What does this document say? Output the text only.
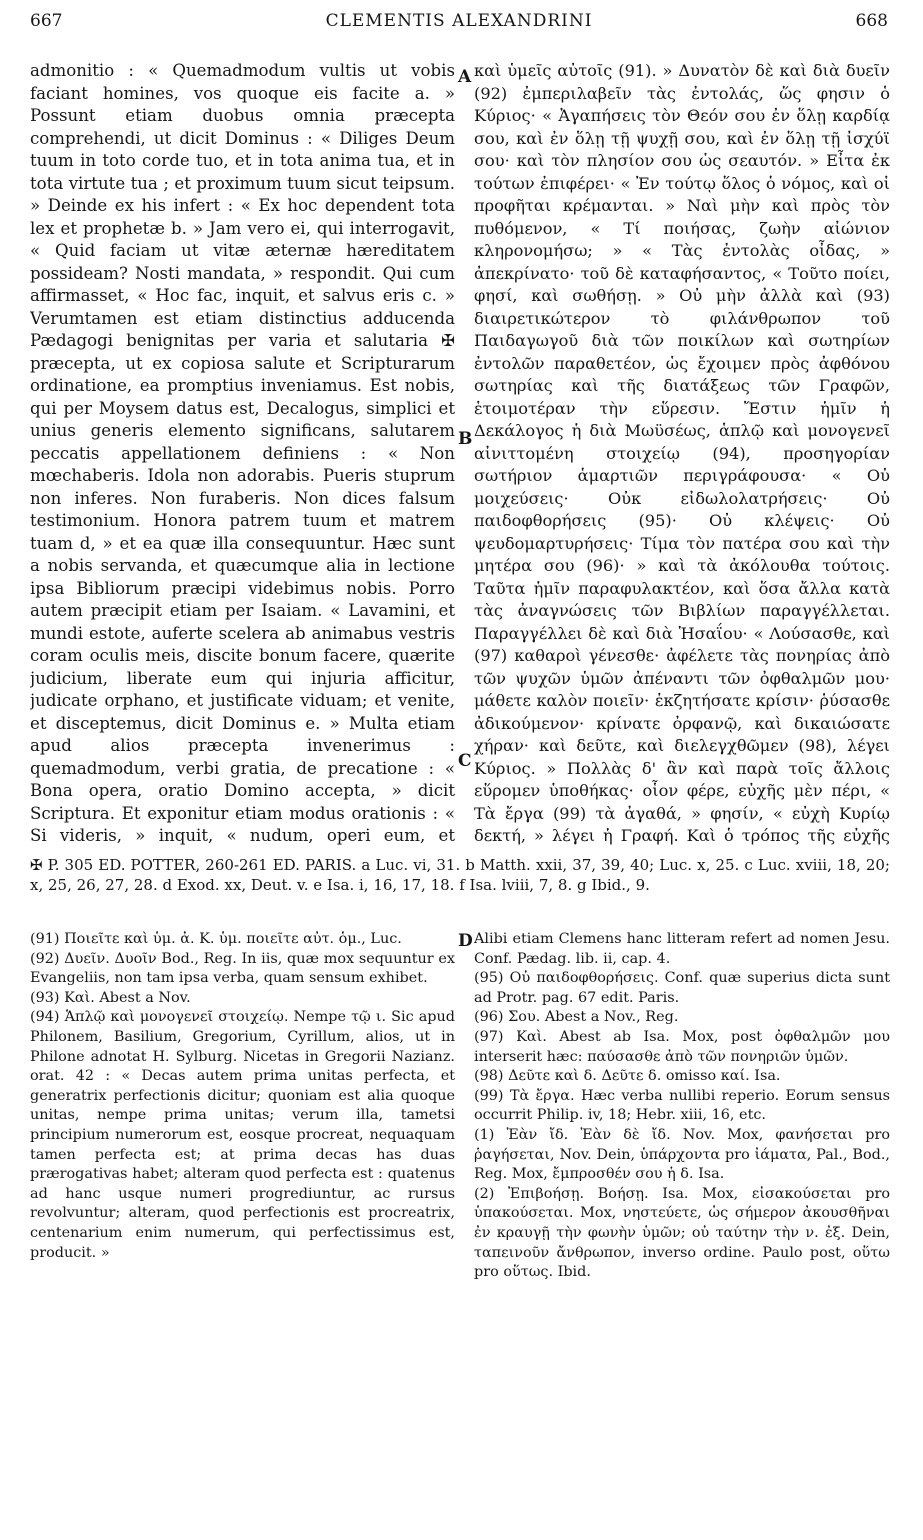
667	CLEMENTIS ALEXANDRINI	668

admonitio : « Quemadmodum vultis ut vobis faciant homines, vos quoque eis facite a. » Possunt etiam duobus omnia præcepta comprehendi, ut dicit Dominus : « Diliges Deum tuum in toto corde tuo, et in tota anima tua, et in tota virtute tua ; et proximum tuum sicut teipsum. » Deinde ex his infert : « Ex hoc dependent tota lex et prophetæ b. » Jam vero ei, qui interrogavit, « Quid faciam ut vitæ æternæ hæreditatem possideam? Nosti mandata, » respondit. Qui cum affirmasset, « Hoc fac, inquit, et salvus eris c. » Verumtamen est etiam distinctius adducenda Pædagogi benignitas per varia et salutaria ✠ præcepta, ut ex copiosa salute et Scripturarum ordinatione, ea promptius inveniamus. Est nobis, qui per Moysem datus est, Decalogus, simplici et unius generis elemento significans, salutarem peccatis appellationem definiens : « Non mœchaberis. Idola non adorabis. Pueris stuprum non inferes. Non furaberis. Non dices falsum testimonium. Honora patrem tuum et matrem tuam d, » et ea quæ illa consequuntur. Hæc sunt a nobis servanda, et quæcumque alia in lectione ipsa Bibliorum præcipi videbimus nobis. Porro autem præcipit etiam per Isaiam. « Lavamini, et mundi estote, auferte scelera ab animabus vestris coram oculis meis, discite bonum facere, quærite judicium, liberate eum qui injuria afficitur, judicate orphano, et justificate viduam; et venite, et disceptemus, dicit Dominus e. » Multa etiam apud alios præcepta invenerimus : quemadmodum, verbi gratia, de precatione : « Bona opera, oratio Domino accepta, » dicit Scriptura. Et exponitur etiam modus orationis : « Si videris, » inquit, « nudum, operi eum, et

A
B
C

καὶ ὑμεῖς αὐτοῖς (91). » Δυνατὸν δὲ καὶ διὰ δυεῖν (92) ἐμπεριλαβεῖν τὰς ἐντολάς, ὥς φησιν ὁ Κύριος· « Ἀγαπήσεις τὸν Θεόν σου ἐν ὅλῃ καρδίᾳ σου, καὶ ἐν ὅλῃ τῇ ψυχῇ σου, καὶ ἐν ὅλῃ τῇ ἰσχύϊ σου· καὶ τὸν πλησίον σου ὡς σεαυτόν. » Εἶτα ἐκ τούτων ἐπιφέρει· « Ἐν τούτῳ ὅλος ὁ νόμος, καὶ οἱ προφῆται κρέμανται. » Ναὶ μὴν καὶ πρὸς τὸν πυθόμενον, « Τί ποιήσας, ζωὴν αἰώνιον κληρονομήσω; » « Τὰς ἐντολὰς οἶδας, » ἀπεκρίνατο· τοῦ δὲ καταφήσαντος, « Τοῦτο ποίει, φησί, καὶ σωθήσῃ. » Οὐ μὴν ἀλλὰ καὶ (93) διαιρετικώτερον τὸ φιλάνθρωπον τοῦ Παιδαγωγοῦ διὰ τῶν ποικίλων καὶ σωτηρίων ἐντολῶν παραθετέον, ὡς ἔχοιμεν πρὸς ἀφθόνου σωτηρίας καὶ τῆς διατάξεως τῶν Γραφῶν, ἑτοιμοτέραν τὴν εὕρεσιν. Ἔστιν ἡμῖν ἡ Δεκάλογος ἡ διὰ Μωϋσέως, ἁπλῷ καὶ μονογενεῖ αἰνιττομένη στοιχείῳ (94), προσηγορίαν σωτήριον ἁμαρτιῶν περιγράφουσα· « Οὐ μοιχεύσεις· Οὐκ εἰδωλολατρήσεις· Οὐ παιδοφθορήσεις (95)· Οὐ κλέψεις· Οὐ ψευδομαρτυρήσεις· Τίμα τὸν πατέρα σου καὶ τὴν μητέρα σου (96)· » καὶ τὰ ἀκόλουθα τούτοις. Ταῦτα ἡμῖν παραφυλακτέον, καὶ ὅσα ἄλλα κατὰ τὰς ἀναγνώσεις τῶν Βιβλίων παραγγέλλεται. Παραγγέλλει δὲ καὶ διὰ Ἡσαΐου· « Λούσασθε, καὶ (97) καθαροὶ γένεσθε· ἀφέλετε τὰς πονηρίας ἀπὸ τῶν ψυχῶν ὑμῶν ἀπέναντι τῶν ὀφθαλμῶν μου· μάθετε καλὸν ποιεῖν· ἐκζητήσατε κρίσιν· ῥύσασθε ἀδικούμενον· κρίνατε ὀρφανῷ, καὶ δικαιώσατε χήραν· καὶ δεῦτε, καὶ διελεγχθῶμεν (98), λέγει Κύριος. » Πολλὰς δ' ἂν καὶ παρὰ τοῖς ἄλλοις εὕρομεν ὑποθήκας· οἷον φέρε, εὐχῆς μὲν πέρι, « Τὰ ἔργα (99) τὰ ἀγαθά, » φησίν, « εὐχὴ Κυρίῳ δεκτή, » λέγει ἡ Γραφή. Καὶ ὁ τρόπος τῆς εὐχῆς

✠ P. 305 ED. POTTER, 260-261 ED. PARIS. a Luc. vi, 31. b Matth. xxii, 37, 39, 40; Luc. x, 25. c Luc. xviii, 18, 20; x, 25, 26, 27, 28. d Exod. xx, Deut. v. e Isa. i, 16, 17, 18. f Isa. lviii, 7, 8. g Ibid., 9.

(91) Ποιεῖτε καὶ ὑμ. ἀ. Κ. ὑμ. ποιεῖτε αὐτ. ὁμ., Luc.

(92) Δυεῖν. Δυοῖν Bod., Reg. In iis, quæ mox sequuntur ex Evangeliis, non tam ipsa verba, quam sensum exhibet.

(93) Καὶ. Abest a Nov.

(94) Ἁπλῷ καὶ μονογενεῖ στοιχείῳ. Nempe τῷ ι. Sic apud Philonem, Basilium, Gregorium, Cyrillum, alios, ut in Philone adnotat H. Sylburg. Nicetas in Gregorii Nazianz. orat. 42 : « Decas autem prima unitas perfecta, et generatrix perfectionis dicitur; quoniam est alia quoque unitas, nempe prima unitas; verum illa, tametsi principium numerorum est, eosque procreat, nequaquam tamen perfecta est; at prima decas has duas prærogativas habet; alteram quod perfecta est : quatenus ad hanc usque numeri progrediuntur, ac rursus revolvuntur; alteram, quod perfectionis est procreatrix, centenarium enim numerum, qui perfectissimus est, producit. »

D Alibi etiam Clemens hanc litteram refert ad nomen Jesu. Conf. Pædag. lib. ii, cap. 4.

(95) Οὐ παιδοφθορήσεις. Conf. quæ superius dicta sunt ad Protr. pag. 67 edit. Paris.

(96) Σου. Abest a Nov., Reg.

(97) Καὶ. Abest ab Isa. Mox, post ὀφθαλμῶν μου interserit hæc: παύσασθε ἀπὸ τῶν πονηριῶν ὑμῶν.

(98) Δεῦτε καὶ δ. Δεῦτε δ. omisso καί. Isa.

(99) Τὰ ἔργα. Hæc verba nullibi reperio. Eorum sensus occurrit Philip. iv, 18; Hebr. xiii, 16, etc.

(1) Ἐὰν ἴδ. Ἐὰν δὲ ἴδ. Nov. Mox, φανήσεται pro ῥαγήσεται, Nov. Dein, ὑπάρχοντα pro ἰάματα, Pal., Bod., Reg. Mox, ἔμπροσθέν σου ἡ δ. Isa.

(2) Ἐπιβοήσῃ. Βοήσῃ. Isa. Mox, εἰσακούσεται pro ὑπακούσεται. Mox, νηστεύετε, ὡς σήμερον ἀκουσθῆναι ἐν κραυγῇ τὴν φωνὴν ὑμῶν; οὐ ταύτην τὴν ν. ἐξ. Dein, ταπεινοῦν ἄνθρωπον, inverso ordine. Paulo post, οὕτω pro οὕτως. Ibid.
